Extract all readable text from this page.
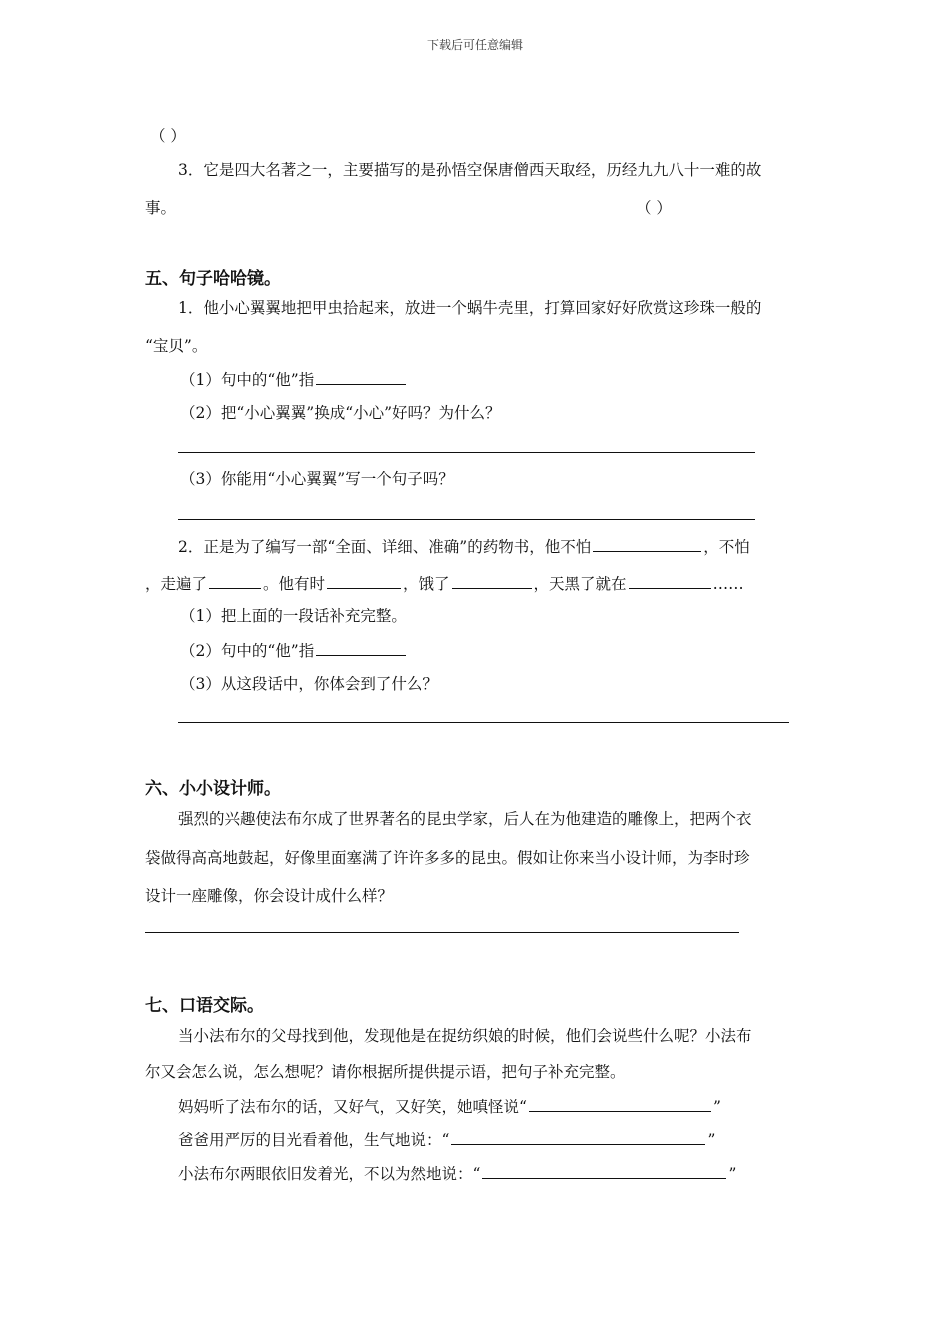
下载后可任意编辑
（ ）
3．它是四大名著之一，主要描写的是孙悟空保唐僧西天取经，历经九九八十一难的故
事。	（ ）
五、句子哈哈镜。
1．他小心翼翼地把甲虫拾起来，放进一个蜗牛壳里，打算回家好好欣赏这珍珠一般的
“宝贝”。
（1）句中的“他”指
（2）把“小心翼翼”换成“小心”好吗？为什么？
（3）你能用“小心翼翼”写一个句子吗？
2．正是为了编写一部“全面、详细、准确”的药物书，他不怕	，不怕
，走遍了	。他有时	，饿了	，天黑了就在	……
（1）把上面的一段话补充完整。
（2）句中的“他”指
（3）从这段话中，你体会到了什么？
六、小小设计师。
强烈的兴趣使法布尔成了世界著名的昆虫学家，后人在为他建造的雕像上，把两个衣
袋做得高高地鼓起，好像里面塞满了许许多多的昆虫。假如让你来当小设计师，为李时珍
设计一座雕像，你会设计成什么样？
七、口语交际。
当小法布尔的父母找到他，发现他是在捉纺织娘的时候，他们会说些什么呢？小法布
尔又会怎么说，怎么想呢？请你根据所提供提示语，把句子补充完整。
妈妈听了法布尔的话，又好气，又好笑，她嗔怪说“	”
爸爸用严厉的目光看着他，生气地说：“	”
小法布尔两眼依旧发着光，不以为然地说：“	”
